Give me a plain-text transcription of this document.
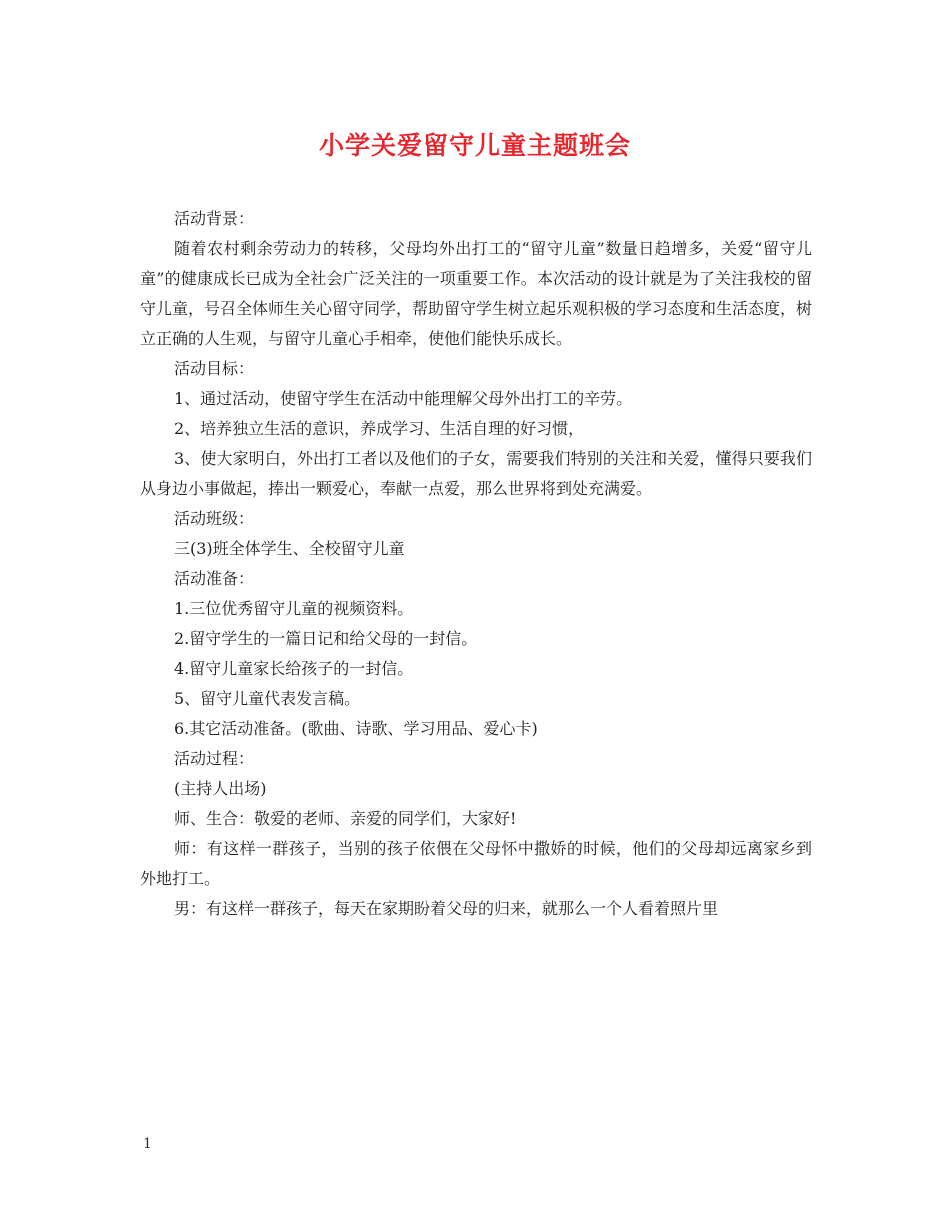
小学关爱留守儿童主题班会

活动背景：

随着农村剩余劳动力的转移，父母均外出打工的“留守儿童”数量日趋增多，关爱“留守儿童”的健康成长已成为全社会广泛关注的一项重要工作。本次活动的设计就是为了关注我校的留守儿童，号召全体师生关心留守同学，帮助留守学生树立起乐观积极的学习态度和生活态度，树立正确的人生观，与留守儿童心手相牵，使他们能快乐成长。

活动目标：

1、通过活动，使留守学生在活动中能理解父母外出打工的辛劳。

2、培养独立生活的意识，养成学习、生活自理的好习惯，

3、使大家明白，外出打工者以及他们的子女，需要我们特别的关注和关爱，懂得只要我们从身边小事做起，捧出一颗爱心，奉献一点爱，那么世界将到处充满爱。

活动班级：

三(3)班全体学生、全校留守儿童

活动准备：

1.三位优秀留守儿童的视频资料。

2.留守学生的一篇日记和给父母的一封信。

4.留守儿童家长给孩子的一封信。

5、留守儿童代表发言稿。

6.其它活动准备。(歌曲、诗歌、学习用品、爱心卡)

活动过程：

(主持人出场)

师、生合：敬爱的老师、亲爱的同学们，大家好!

师：有这样一群孩子，当别的孩子依偎在父母怀中撒娇的时候，他们的父母却远离家乡到外地打工。

男：有这样一群孩子，每天在家期盼着父母的归来，就那么一个人看着照片里

1
